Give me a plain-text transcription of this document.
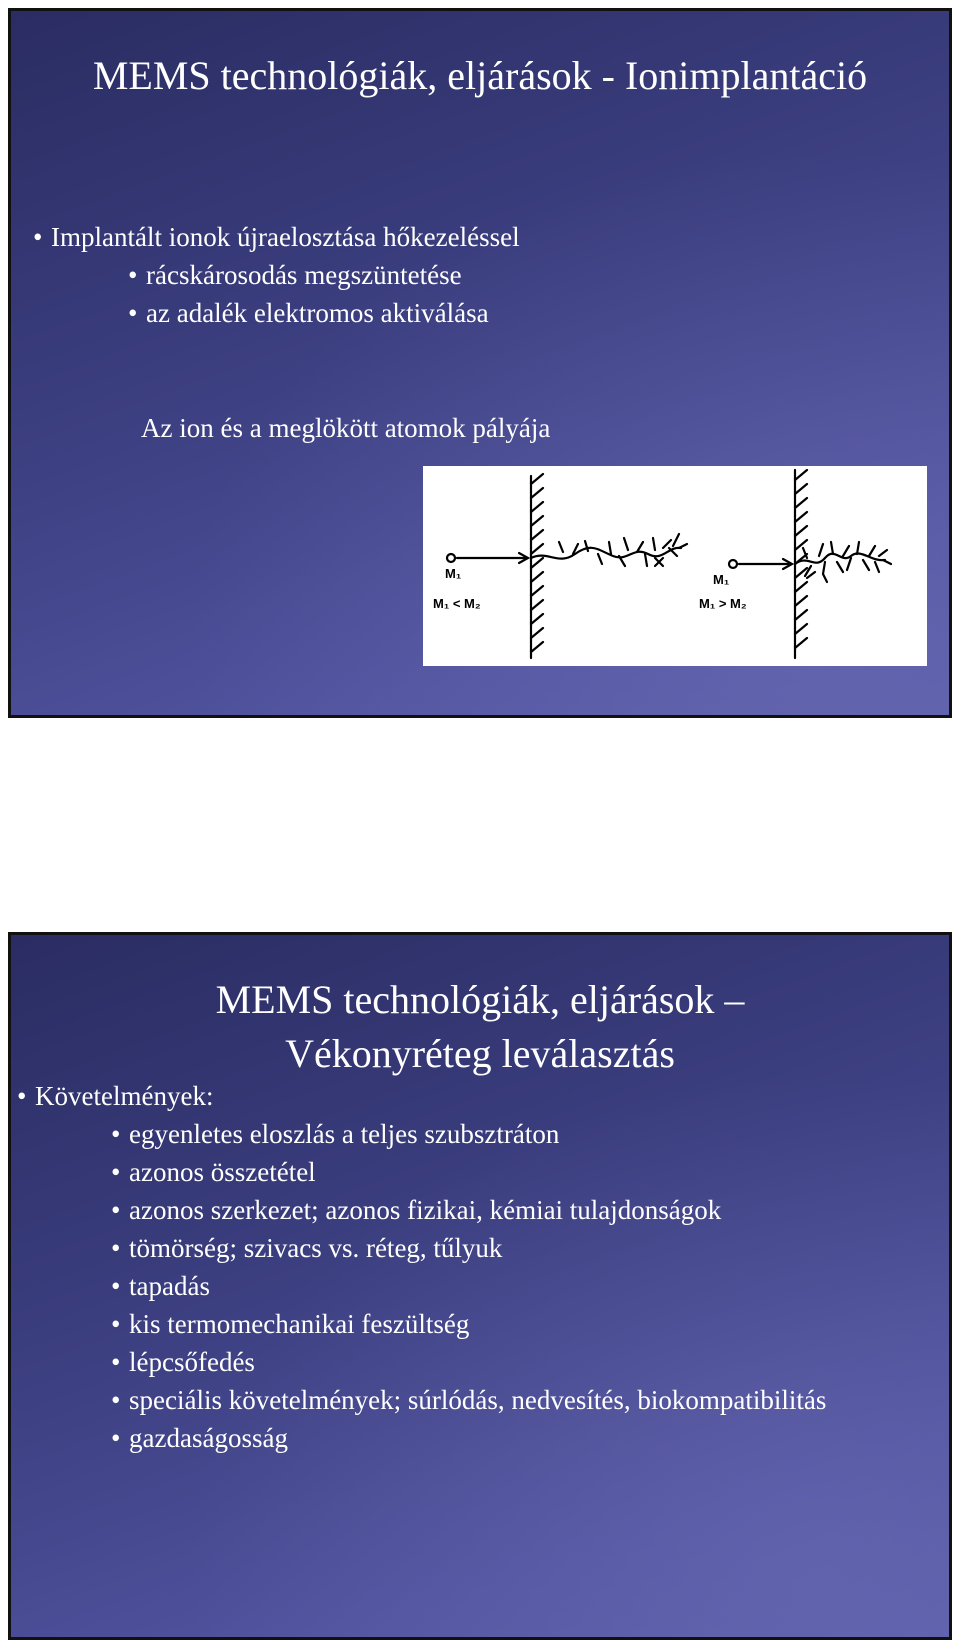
MEMS technológiák, eljárások - Ionimplantáció
• Implantált ionok újraelosztása hőkezeléssel
• rácskárosodás megszüntetése
• az adalék elektromos aktiválása
Az ion és a meglökött atomok pályája
M₁
M₁ < M₂
M₁
M₁ > M₂
MEMS technológiák, eljárások –
Vékonyréteg leválasztás
• Követelmények:
• egyenletes eloszlás a teljes szubsztráton
• azonos összetétel
• azonos szerkezet; azonos fizikai, kémiai tulajdonságok
• tömörség; szivacs vs. réteg, tűlyuk
• tapadás
• kis termomechanikai feszültség
• lépcsőfedés
• speciális követelmények; súrlódás, nedvesítés, biokompatibilitás
• gazdaságosság
